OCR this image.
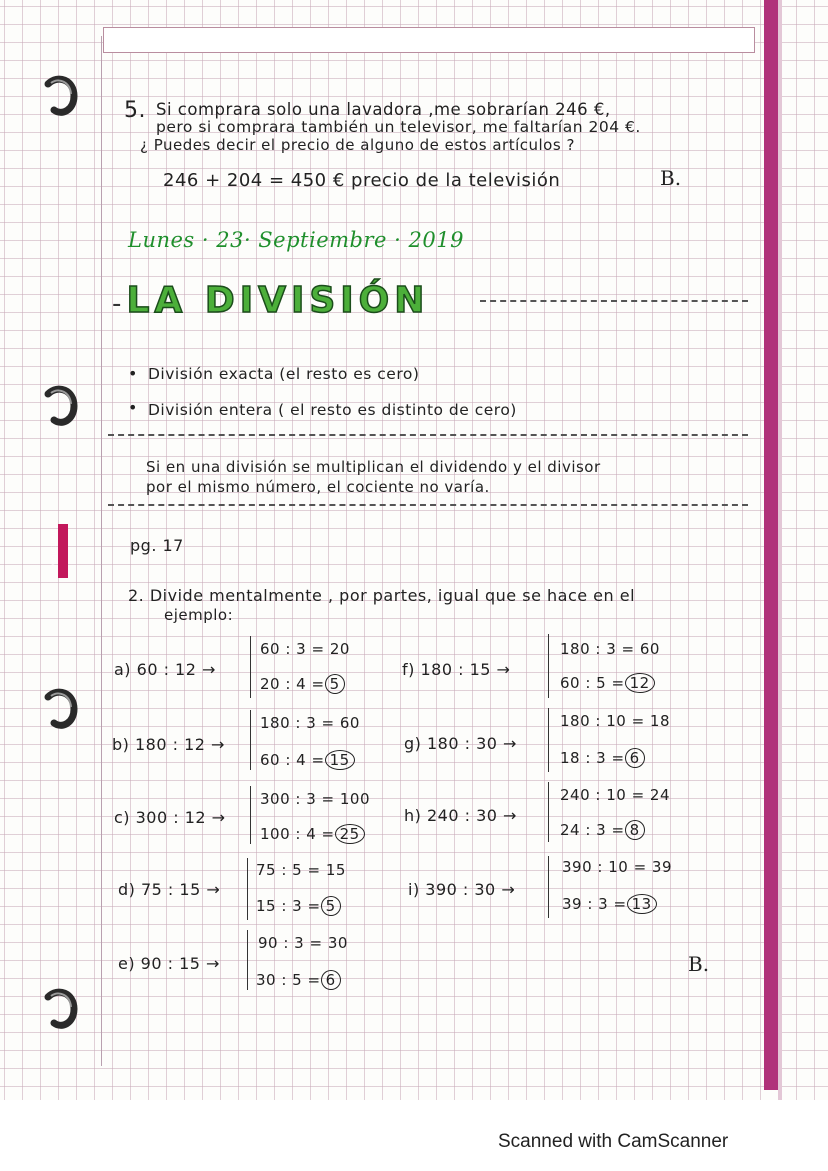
MIQUELRIUS
5. Si comprara solo una lavadora ,me sobrarían 246 €,
pero si comprara también un televisor, me faltarían 204 €.
¿ Puedes decir el precio de alguno de estos artículos ?
246 + 204 = 450 € precio de la televisión	B.
Lunes · 23· Septiembre · 2019
- LA DIVISIÓN
• División exacta (el resto es cero)
• División entera ( el resto es distinto de cero)
Si en una división se multiplican el dividendo y el divisor
por el mismo número, el cociente no varía.
pg. 17
2. Divide mentalmente , por partes, igual que se hace en el
ejemplo:
a) 60 : 12 →
60 : 3 = 20
20 : 4 = 5
b) 180 : 12 →
180 : 3 = 60
60 : 4 = 15
c) 300 : 12 →
300 : 3 = 100
100 : 4 = 25
d) 75 : 15 →
75 : 5 = 15
15 : 3 = 5
e) 90 : 15 →
90 : 3 = 30
30 : 5 = 6
f) 180 : 15 →
180 : 3 = 60
60 : 5 = 12
g) 180 : 30 →
180 : 10 = 18
18 : 3 = 6
h) 240 : 30 →
240 : 10 = 24
24 : 3 = 8
i) 390 : 30 →
390 : 10 = 39
39 : 3 = 13
B.
Scanned with CamScanner
